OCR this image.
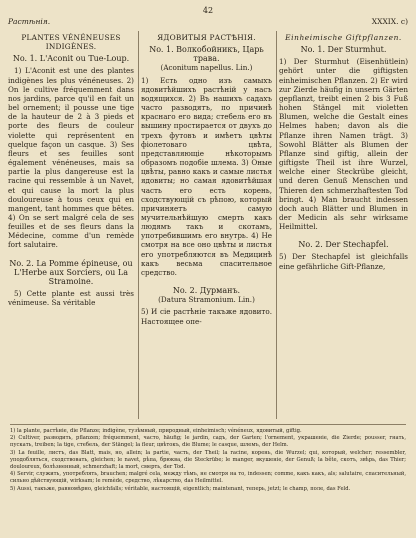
42
Растѣнія.	XXXIX. c)
PLANTES VÉNÉNEUSES INDIGÈNES.
No. 1. L'Aconit ou Tue-Loup.
1) L'Aconit est une des plantes indigènes les plus vénéneuses. 2) On le cultive fréquemment dans nos jardins, parce qu'il en fait un bel ornement; il pousse une tige de la hauteur de 2 à 3 pieds et porte des fleurs de couleur violette qui représentent en quelque façon un casque. 3) Ses fleurs et ses feuilles sont également vénéneuses, mais sa partie la plus dangereuse est la racine qui ressemble à un Navet, et qui cause la mort la plus douloureuse à tous ceux qui en mangent, tant hommes que bêtes. 4) On se sert malgré cela de ses feuilles et de ses fleurs dans la Médecine, comme d'un remède fort salutaire.
No. 2. La Pomme épineuse, ou L'Herbe aux Sorciers, ou La Stramoine.
5) Cette plante est aussi très vénimeuse. Sa véritable
ЯДОВИТЫЯ РАСТѢНІЯ.
No. 1. Волкобойникъ, Царь трава.
(Aconitum napellus. Lin.)
1) Есть одно изъ самыхъ ядовитѣйшихъ растѣній у насъ водящихся. 2) Въ нашихъ садахъ часто разводятъ, по причинѣ краснаго его вида; стебель его въ вышину простирается от двухъ до трехъ футовъ и имѣетъ цвѣты фіолетоваго цвѣта, представляющіе нѣкоторымъ образомъ подобіе шлема. 3) Оные цвѣты, равно какъ и самые листья ядовиты; но самая ядовитѣйшая часть его есть корень, сходствующій съ рѣпою, который причиняетъ самую мучительнѣйшую смерть какъ людямъ такъ и скотамъ, употребившимъ его внутрь. 4) Не смотря на все оно цвѣты и листья его употребляются въ Медицинѣ какъ весьма спасительное средство.
No. 2. Дурманъ.
(Datura Stramonium. Lin.)
5) И сіе растѣніе такъже ядовито. Настоящее опе-
Einheimische Giftpflanzen.
No. 1. Der Sturmhut.
1) Der Sturmhut (Eisenhütlein) gehört unter die giftigsten einheimischen Pflanzen. 2) Er wird zur Zierde häufig in unsern Gärten gepflanzt, treibt einen 2 bis 3 Fuß hohen Stängel mit violetten Blumen, welche die Gestalt eines Helmes haben; davon als die Pflanze ihren Namen trägt. 3) Sowohl Blätter als Blumen der Pflanze sind giftig, allein der giftigste Theil ist ihre Wurzel, welche einer Steckrübe gleicht, und deren Genuß Menschen und Thieren den schmerzhaftesten Tod bringt. 4) Man braucht indessen doch auch Blätter und Blumen in der Medicin als sehr wirksame Heilmittel.
No. 2. Der Stechapfel.
5) Der Stechapfel ist gleichfalls eine gefährliche Gift-Pflanze,
1) la plante, растѣніе, die Pflanze; indigène, тузѣмный, природный, einheimisch; vénéneux, ядовитый, giftig.
2) Cultiver, разводить, pflanzen; fréquemment, часто, häufig; le jardin, садъ, der Garten; l'ornement, украшеніе, die Zierde; pousser, гнать, пускать, treiben; la tige, стебель, der Stängel; la fleur, цвѣтокъ, die Blume; le casque, шлемъ, der Helm.
3) La feuille, листъ, das Blatt, mais, но, allein; la partie, часть, der Theil; la racine, корень, die Wurzel; qui, который, welcher; ressembler, уподобляться, сходствовать, gleichen; le navet, рѣпа, брюква, die Steckrübe; le manger, вкушеніе, der Genuß; la bête, скотъ, звѣрь, das Thier; douloureux, болѣзненный, schmerzhaft; la mort, смерть, der Tod.
4) Servir, служить, употреблять, brauchen; malgré cela, между тѣмъ, не смотря на то, indessen; comme, какъ какъ, als; salutaire, спасительный, сильно дѣйствующій, wirksam; le remède, средство, лѣкарство, das Heilmittel.
5) Aussi, такъже, равномѣрно, gleichfalls; véritable, настоящій, eigentlich; maintenant, теперь, jetzt; le champ, поле, das Feld.
